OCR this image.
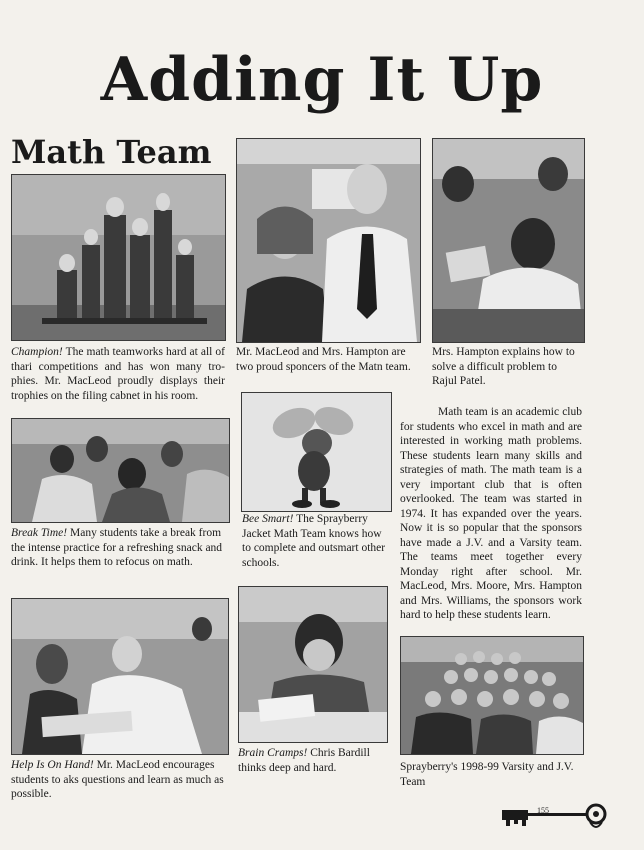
Adding It Up
Math Team
Champion! The math teamworks hard at all of thari competitions and has won many tro-phies. Mr. MacLeod proudly displays their trophies on the filing cabnet in his room.
Mr. MacLeod and Mrs. Hampton are two proud sponcers of the Matn team.
Mrs. Hampton explains how to solve a difficult problem to Rajul Patel.
Break Time! Many students take a break from the intense practice for a refreshing snack and drink. It helps them to refocus on math.
Bee Smart! The Sprayberry Jacket Math Team knows how to complete and outsmart other schools.
Help Is On Hand! Mr. MacLeod encourages students to aks questions and learn as much as possible.
Brain Cramps! Chris Bardill thinks deep and hard.	Sprayberry's 1998-99 Varsity and J.V. Team
Math team is an academic club for students who excel in math and are interested in working math problems. These students learn many skills and strategies of math. The math team is a very important club that is often overlooked. The team was started in 1974. It has expanded over the years. Now it is so popular that the sponsors have made a J.V. and a Varsity team. The teams meet together every Monday right after school. Mr. MacLeod, Mrs. Moore, Mrs. Hampton and Mrs. Williams, the sponsors work hard to help these students learn.
155
